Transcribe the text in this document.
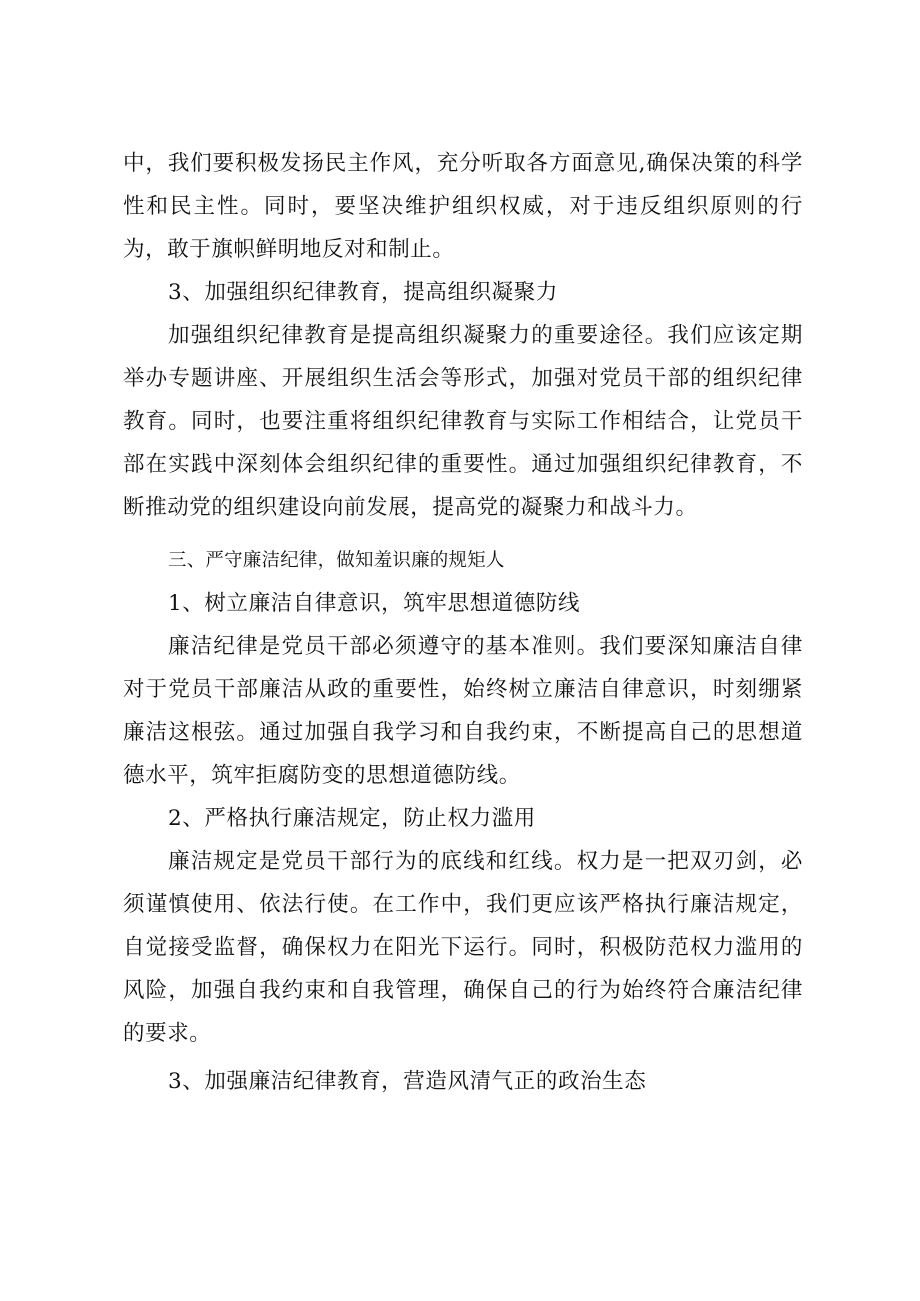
中，我们要积极发扬民主作风，充分听取各方面意见,确保决策的科学性和民主性。同时，要坚决维护组织权威，对于违反组织原则的行为，敢于旗帜鲜明地反对和制止。

3、加强组织纪律教育，提高组织凝聚力

加强组织纪律教育是提高组织凝聚力的重要途径。我们应该定期举办专题讲座、开展组织生活会等形式，加强对党员干部的组织纪律教育。同时，也要注重将组织纪律教育与实际工作相结合，让党员干部在实践中深刻体会组织纪律的重要性。通过加强组织纪律教育，不断推动党的组织建设向前发展，提高党的凝聚力和战斗力。

三、严守廉洁纪律，做知羞识廉的规矩人

1、树立廉洁自律意识，筑牢思想道德防线

廉洁纪律是党员干部必须遵守的基本准则。我们要深知廉洁自律对于党员干部廉洁从政的重要性，始终树立廉洁自律意识，时刻绷紧廉洁这根弦。通过加强自我学习和自我约束，不断提高自己的思想道德水平，筑牢拒腐防变的思想道德防线。

2、严格执行廉洁规定，防止权力滥用

廉洁规定是党员干部行为的底线和红线。权力是一把双刃剑，必须谨慎使用、依法行使。在工作中，我们更应该严格执行廉洁规定，自觉接受监督，确保权力在阳光下运行。同时，积极防范权力滥用的风险，加强自我约束和自我管理，确保自己的行为始终符合廉洁纪律的要求。

3、加强廉洁纪律教育，营造风清气正的政治生态
